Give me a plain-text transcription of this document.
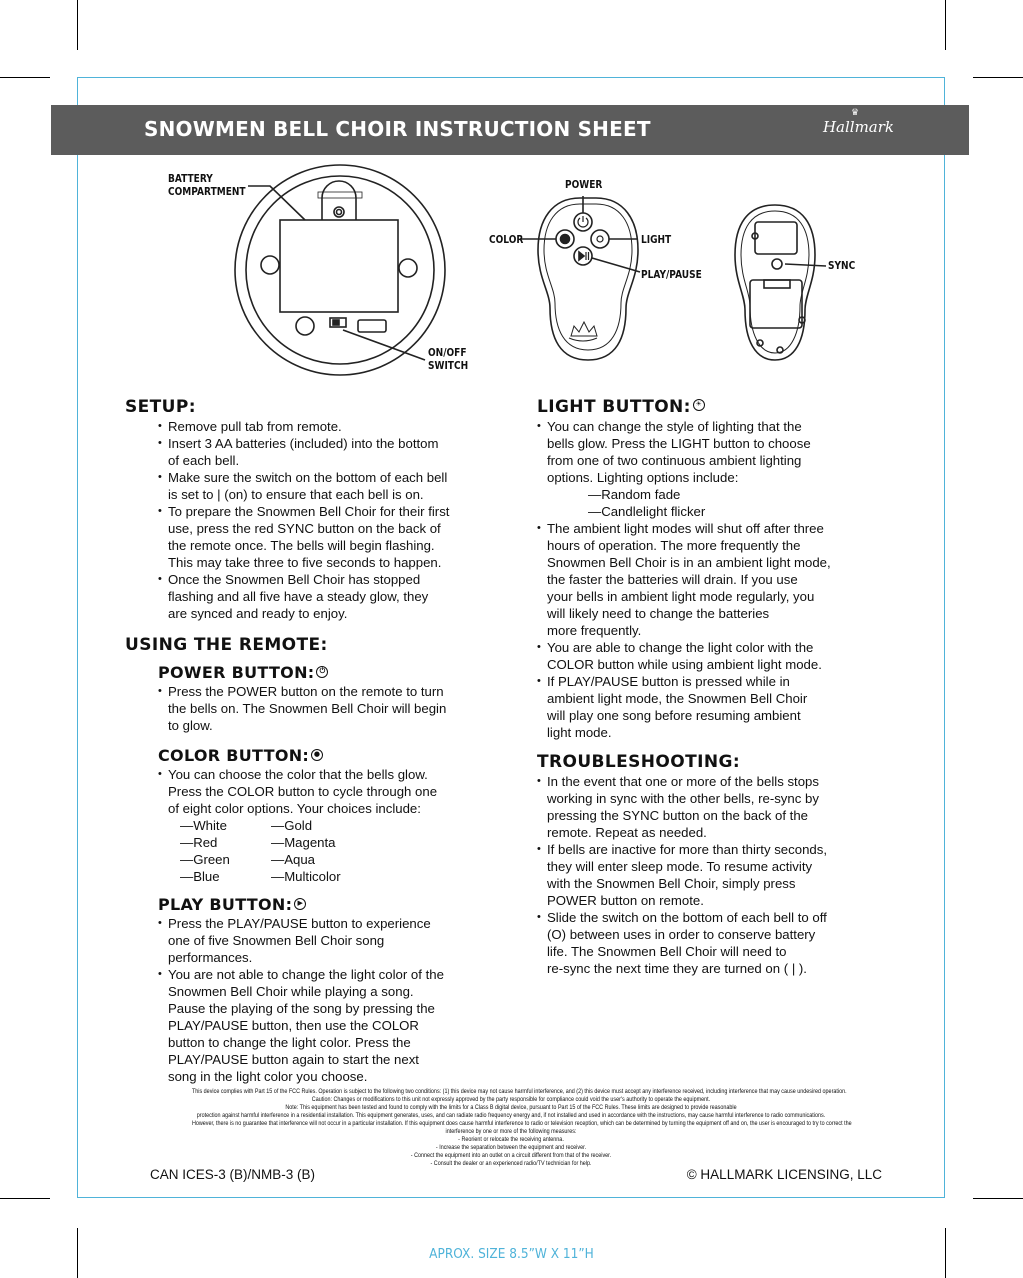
SNOWMEN BELL CHOIR INSTRUCTION SHEET
♛
Hallmark
BATTERY
COMPARTMENT
ON/OFF
SWITCH
POWER
COLOR	LIGHT
PLAY/PAUSE
SYNC
SETUP:
• Remove pull tab from remote.
• Insert 3 AA batteries (included) into the bottom
of each bell.
• Make sure the switch on the bottom of each bell
is set to | (on) to ensure that each bell is on.
• To prepare the Snowmen Bell Choir for their first
use, press the red SYNC button on the back of
the remote once. The bells will begin flashing.
This may take three to five seconds to happen.
• Once the Snowmen Bell Choir has stopped
flashing and all five have a steady glow, they
are synced and ready to enjoy.
USING THE REMOTE:
POWER BUTTON: ⏻
• Press the POWER button on the remote to turn
the bells on. The Snowmen Bell Choir will begin
to glow.
COLOR BUTTON: ●
• You can choose the color that the bells glow.
Press the COLOR button to cycle through one
of eight color options. Your choices include:
— White	— Gold
— Red	— Magenta
— Green	— Aqua
— Blue	— Multicolor
PLAY BUTTON: ▶
• Press the PLAY/PAUSE button to experience
one of five Snowmen Bell Choir song
performances.
• You are not able to change the light color of the
Snowmen Bell Choir while playing a song.
Pause the playing of the song by pressing the
PLAY/PAUSE button, then use the COLOR
button to change the light color. Press the
PLAY/PAUSE button again to start the next
song in the light color you choose.
LIGHT BUTTON: ☀
• You can change the style of lighting that the
bells glow. Press the LIGHT button to choose
from one of two continuous ambient lighting
options. Lighting options include:
— Random fade
— Candlelight flicker
• The ambient light modes will shut off after three
hours of operation. The more frequently the
Snowmen Bell Choir is in an ambient light mode,
the faster the batteries will drain. If you use
your bells in ambient light mode regularly, you
will likely need to change the batteries
more frequently.
• You are able to change the light color with the
COLOR button while using ambient light mode.
• If PLAY/PAUSE button is pressed while in
ambient light mode, the Snowmen Bell Choir
will play one song before resuming ambient
light mode.
TROUBLESHOOTING:
• In the event that one or more of the bells stops
working in sync with the other bells, re-sync by
pressing the SYNC button on the back of the
remote. Repeat as needed.
• If bells are inactive for more than thirty seconds,
they will enter sleep mode. To resume activity
with the Snowmen Bell Choir, simply press
POWER button on remote.
• Slide the switch on the bottom of each bell to off
(O) between uses in order to conserve battery
life. The Snowmen Bell Choir will need to
re-sync the next time they are turned on ( | ).
This device complies with Part 15 of the FCC Rules. Operation is subject to the following two conditions: (1) this device may not cause harmful interference, and (2) this device must accept any interference received, including interference that may cause undesired operation.
Caution: Changes or modifications to this unit not expressly approved by the party responsible for compliance could void the user's authority to operate the equipment.
Note: This equipment has been tested and found to comply with the limits for a Class B digital device, pursuant to Part 15 of the FCC Rules. These limits are designed to provide reasonable
protection against harmful interference in a residential installation. This equipment generates, uses, and can radiate radio frequency energy and, if not installed and used in accordance with the instructions, may cause harmful interference to radio communications.
However, there is no guarantee that interference will not occur in a particular installation. If this equipment does cause harmful interference to radio or television reception, which can be determined by turning the equipment off and on, the user is encouraged to try to correct the
interference by one or more of the following measures:
- Reorient or relocate the receiving antenna.
- Increase the separation between the equipment and receiver.
- Connect the equipment into an outlet on a circuit different from that of the receiver.
- Consult the dealer or an experienced radio/TV technician for help.
CAN ICES-3 (B)/NMB-3 (B)	© HALLMARK LICENSING, LLC
APROX. SIZE 8.5”W X 11”H
